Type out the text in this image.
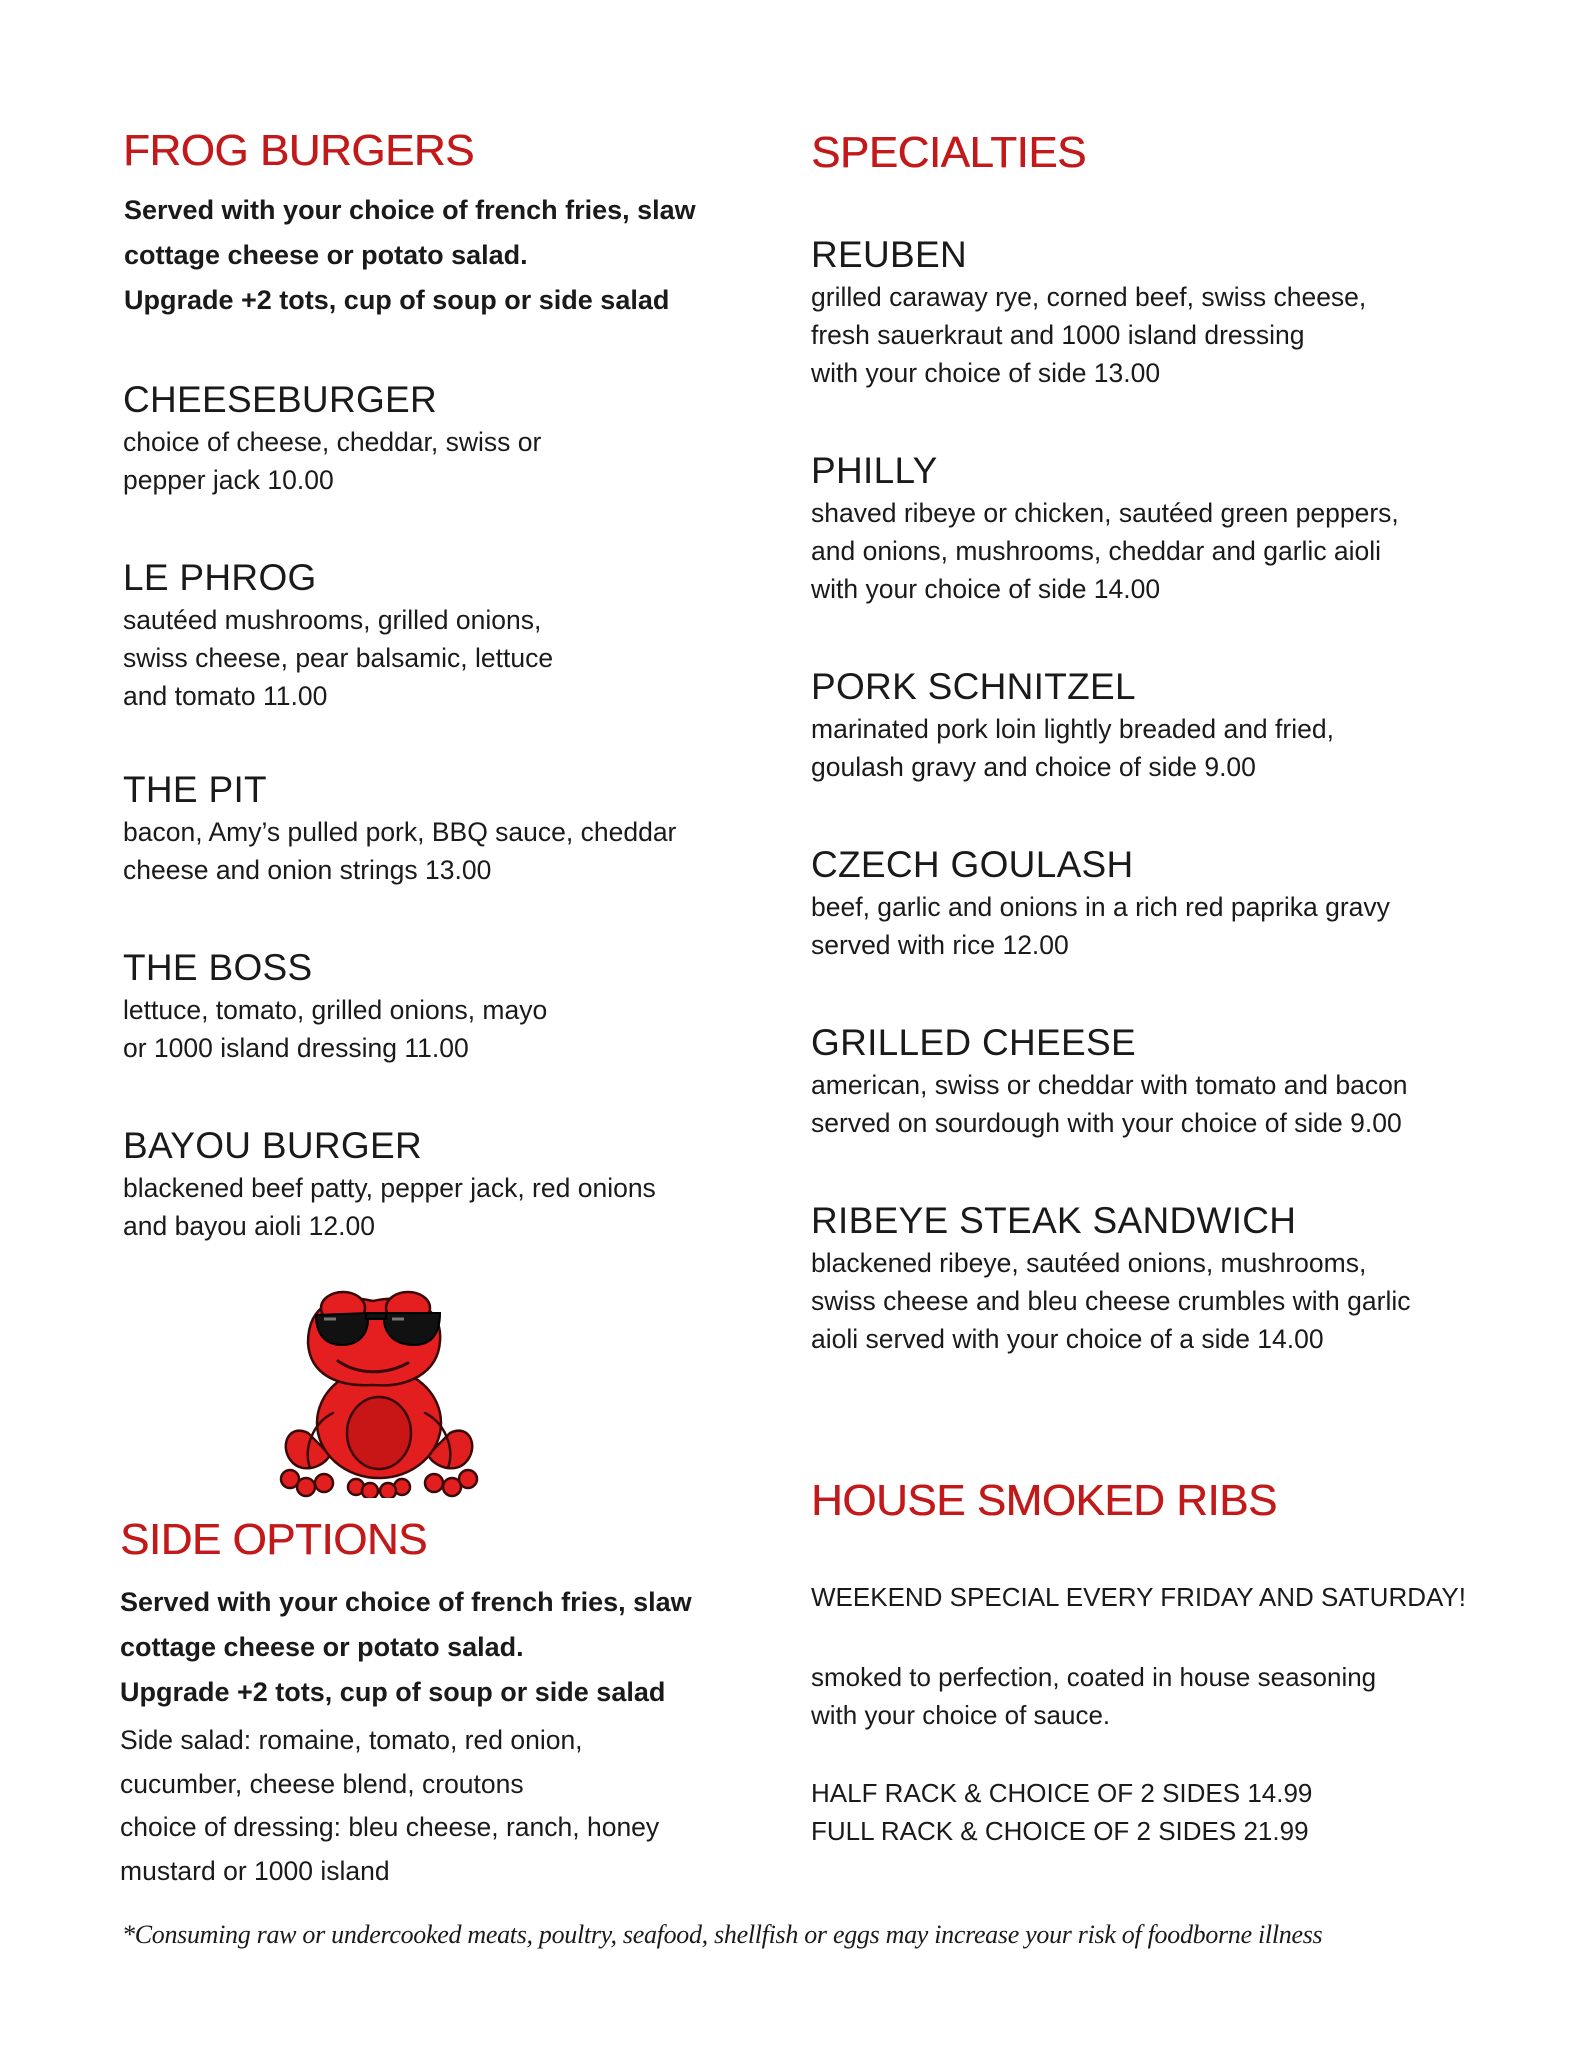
FROG BURGERS

Served with your choice of french fries, slaw

cottage cheese or potato salad.

Upgrade +2 tots, cup of soup or side salad

CHEESEBURGER

choice of cheese, cheddar, swiss or

pepper jack 10.00

LE PHROG

sautéed mushrooms, grilled onions,

swiss cheese, pear balsamic, lettuce

and tomato 11.00

THE PIT

bacon, Amy’s pulled pork, BBQ sauce, cheddar

cheese and onion strings 13.00

THE BOSS

lettuce, tomato, grilled onions, mayo

or 1000 island dressing 11.00

BAYOU BURGER

blackened beef patty, pepper jack, red onions

and bayou aioli 12.00

SIDE OPTIONS

Served with your choice of french fries, slaw

cottage cheese or potato salad.

Upgrade +2 tots, cup of soup or side salad

Side salad: romaine, tomato, red onion,

cucumber, cheese blend, croutons

choice of dressing: bleu cheese, ranch, honey

mustard or 1000 island

SPECIALTIES
REUBEN

grilled caraway rye, corned beef, swiss cheese,

fresh sauerkraut and 1000 island dressing

with your choice of side 13.00

PHILLY

shaved ribeye or chicken, sautéed green peppers,

and onions, mushrooms, cheddar and garlic aioli

with your choice of side 14.00

PORK SCHNITZEL

marinated pork loin lightly breaded and fried,

goulash gravy and choice of side 9.00

CZECH GOULASH

beef, garlic and onions in a rich red paprika gravy

served with rice 12.00

GRILLED CHEESE

american, swiss or cheddar with tomato and bacon

served on sourdough with your choice of side 9.00

RIBEYE STEAK SANDWICH

blackened ribeye, sautéed onions, mushrooms,

swiss cheese and bleu cheese crumbles with garlic

aioli served with your choice of a side 14.00

HOUSE SMOKED RIBS

WEEKEND SPECIAL EVERY FRIDAY AND SATURDAY!

smoked to perfection, coated in house seasoning

with your choice of sauce.

HALF RACK & CHOICE OF 2 SIDES 14.99

FULL RACK & CHOICE OF 2 SIDES 21.99

*Consuming raw or undercooked meats, poultry, seafood, shellfish or eggs may increase your risk of foodborne illness
